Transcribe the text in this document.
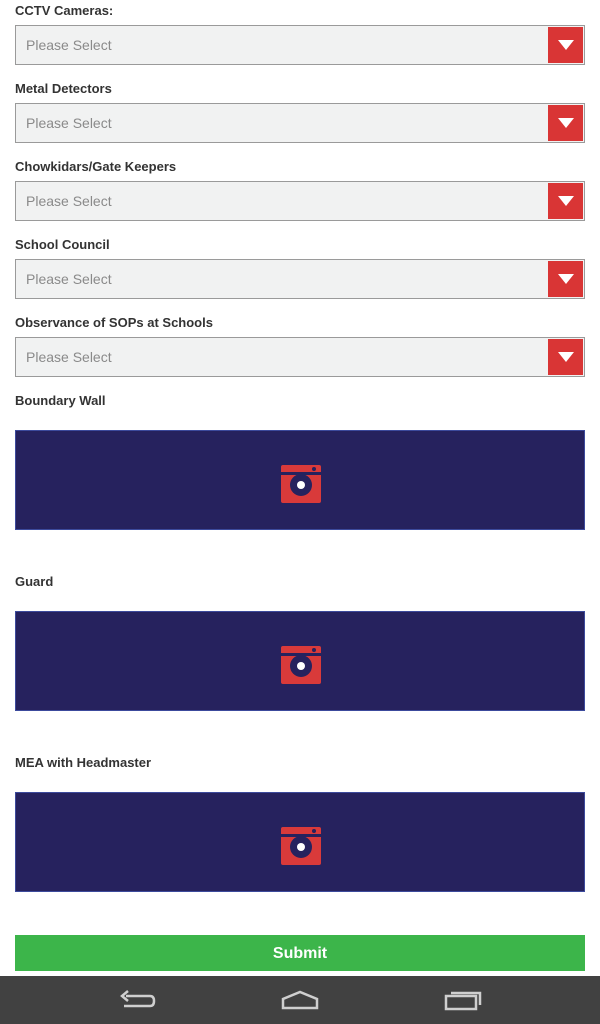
CCTV Cameras:
Please Select
Metal Detectors
Please Select
Chowkidars/Gate Keepers
Please Select
School Council
Please Select
Observance of SOPs at Schools
Please Select
Boundary Wall
Guard
MEA with Headmaster
Submit
